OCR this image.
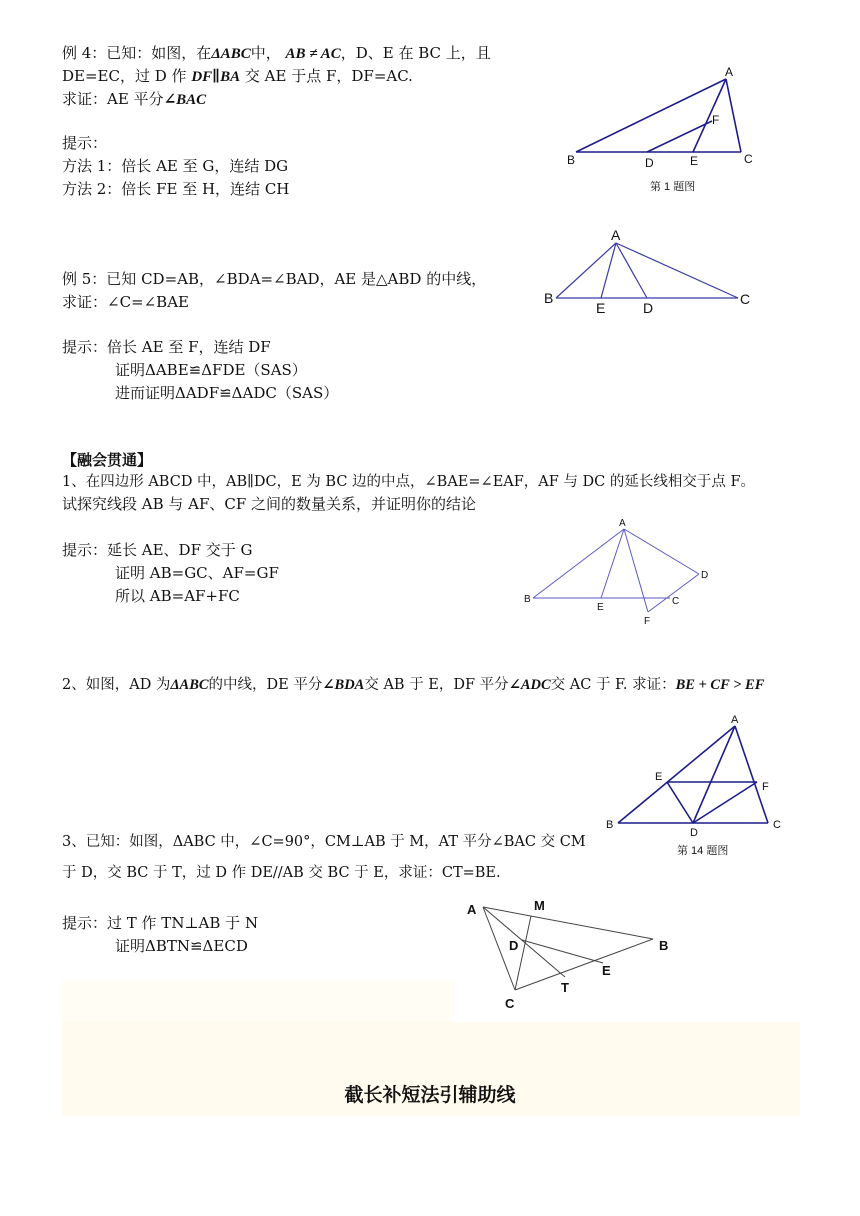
例 4：已知：如图，在ΔABC中， AB ≠ AC，D、E 在 BC 上，且
DE=EC，过 D 作 DF∥BA 交 AE 于点 F，DF=AC.
求证：AE 平分∠BAC
提示：
方法 1：倍长 AE 至 G，连结 DG
方法 2：倍长 FE 至 H，连结 CH
A
F
B	D	E	C
第 1 题图
例 5：已知 CD=AB，∠BDA=∠BAD，AE 是△ABD 的中线，
求证：∠C=∠BAE
提示：倍长 AE 至 F，连结 DF
证明ΔABE≌ΔFDE（SAS）
进而证明ΔADF≌ΔADC（SAS）
A
B
E	D
C
【融会贯通】
1、在四边形 ABCD 中，AB∥DC，E 为 BC 边的中点，∠BAE=∠EAF，AF 与 DC 的延长线相交于点 F。
试探究线段 AB 与 AF、CF 之间的数量关系，并证明你的结论
提示：延长 AE、DF 交于 G
证明 AB=GC、AF=GF
所以 AB=AF+FC
A
B
E
C
D
F
2、如图，AD 为ΔABC的中线，DE 平分∠BDA交 AB 于 E，DF 平分∠ADC交 AC 于 F. 求证：BE + CF > EF
A
E
F
B
D
C
第 14 题图
3、已知：如图，ΔABC 中，∠C=90°，CM⊥AB 于 M，AT 平分∠BAC 交 CM
于 D，交 BC 于 T，过 D 作 DE//AB 交 BC 于 E，求证：CT=BE.
提示：过 T 作 TN⊥AB 于 N
证明ΔBTN≌ΔECD
A	M
B
D
E
T
C
截长补短法引辅助线
